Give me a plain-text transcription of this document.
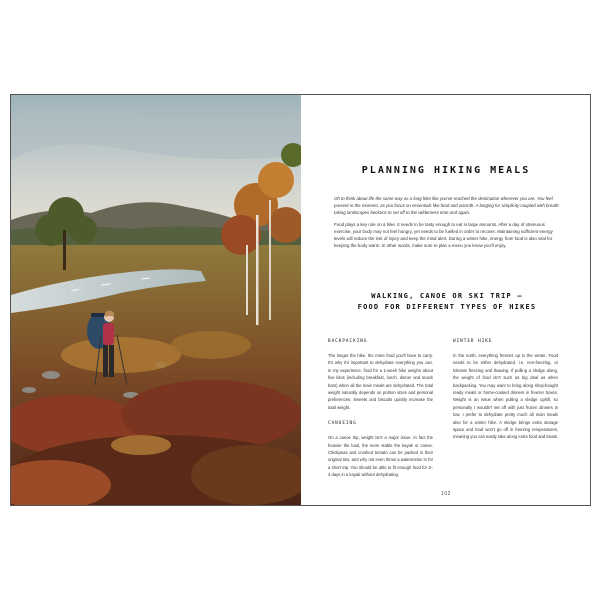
PLANNING HIKING MEALS

Oh to think about life the same way as a long hike like you've reached the destination wherever you are. You feel present in the moment, as you focus on essentials like food and warmth. A longing for simplicity coupled with breath-taking landscapes beckons to set off to the wilderness time and again.

Food plays a key role on a hike. It needs to be tasty enough to eat in large amounts. After a day of strenuous exercise, your body may not feel hungry, yet needs to be fuelled in order to recover. Maintaining sufficient energy levels will reduce the risk of injury and keep the mind alert. During a winter hike, energy from food is also vital for keeping the body warm. In other words, make sure to plan a menu you know you'll enjoy.

WALKING, CANOE OR SKI TRIP —
FOOD FOR DIFFERENT TYPES OF HIKES
BACKPACKING

The longer the hike, the more food you'll have to carry. It's why it's important to dehydrate everything you can. In my experience, food for a 1-week hike weighs about five kilos (including breakfast, lunch, dinner and snack bars) when all the main meals are dehydrated. The total weight naturally depends on portion sizes and personal preferences. Sweets and biscuits quickly increase the total weight.

CANOEING

On a canoe trip, weight isn't a major issue. In fact the heavier the load, the more stable the kayak or canoe. Chickpeas and crushed tomato can be packed in their original tins, and why not even throw a watermelon in for a short trip. You should be able to fit enough food for 3–4 days in a kayak without dehydrating.

WINTER HIKE

In the north, everything freezes up in the winter. Food needs to be either dehydrated, i.e. non-freezing, or tolerate freezing and thawing. If pulling a sledge along, the weight of food isn't such as big deal as when backpacking. You may want to bring along shop-bought ready meals or home-cooked dinners in freezer boxes. Weight is an issue when pulling a sledge uphill, so personally I wouldn't set off with just frozen dinners in tow. I prefer to dehydrate pretty much all main meals also for a winter hike. A sledge brings extra storage space and food won't go off in freezing temperatures, meaning you can easily take along extra food and treats.

102
